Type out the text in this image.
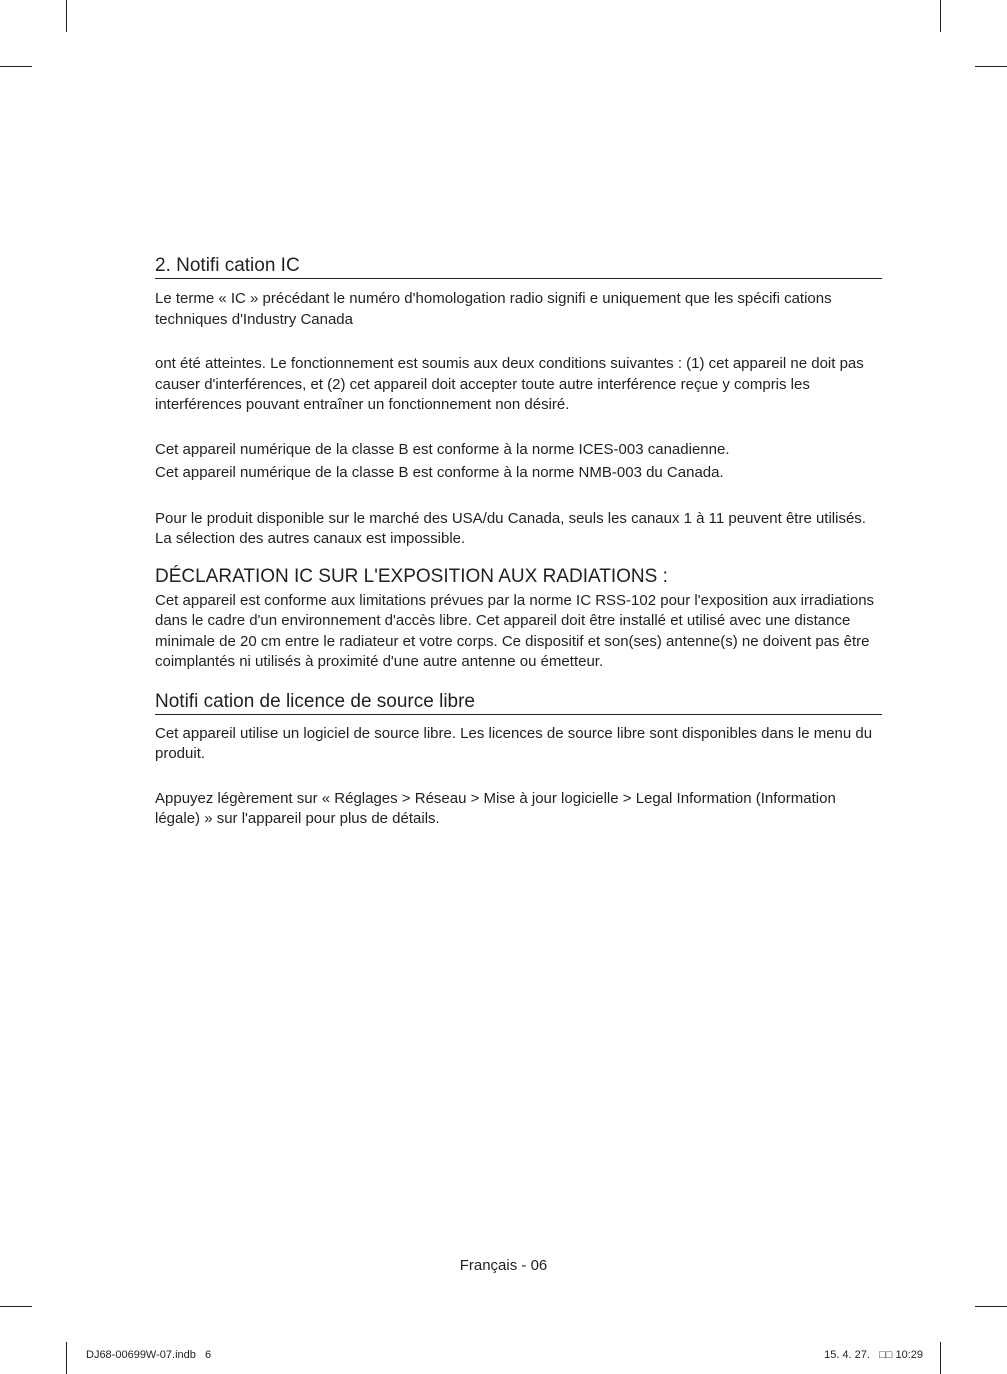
2. Notifi cation IC

Le terme « IC » précédant le numéro d'homologation radio signifi e uniquement que les spécifi cations techniques d'Industry Canada

ont été atteintes. Le fonctionnement est soumis aux deux conditions suivantes : (1) cet appareil ne doit pas causer d'interférences, et (2) cet appareil doit accepter toute autre interférence reçue y compris les interférences pouvant entraîner un fonctionnement non désiré.

Cet appareil numérique de la classe B est conforme à la norme ICES-003 canadienne.

Cet appareil numérique de la classe B est conforme à la norme NMB-003 du Canada.

Pour le produit disponible sur le marché des USA/du Canada, seuls les canaux 1 à 11 peuvent être utilisés. La sélection des autres canaux est impossible.

DÉCLARATION IC SUR L'EXPOSITION AUX RADIATIONS :

Cet appareil est conforme aux limitations prévues par la norme IC RSS-102 pour l'exposition aux irradiations dans le cadre d'un environnement d'accès libre. Cet appareil doit être installé et utilisé avec une distance minimale de 20 cm entre le radiateur et votre corps. Ce dispositif et son(ses) antenne(s) ne doivent pas être coimplantés ni utilisés à proximité d'une autre antenne ou émetteur.

Notifi cation de licence de source libre

Cet appareil utilise un logiciel de source libre. Les licences de source libre sont disponibles dans le menu du produit.

Appuyez légèrement sur « Réglages > Réseau > Mise à jour logicielle > Legal Information (Information légale) » sur l'appareil pour plus de détails.

Français - 06
DJ68-00699W-07.indb   6	15. 4. 27.   □□ 10:29
